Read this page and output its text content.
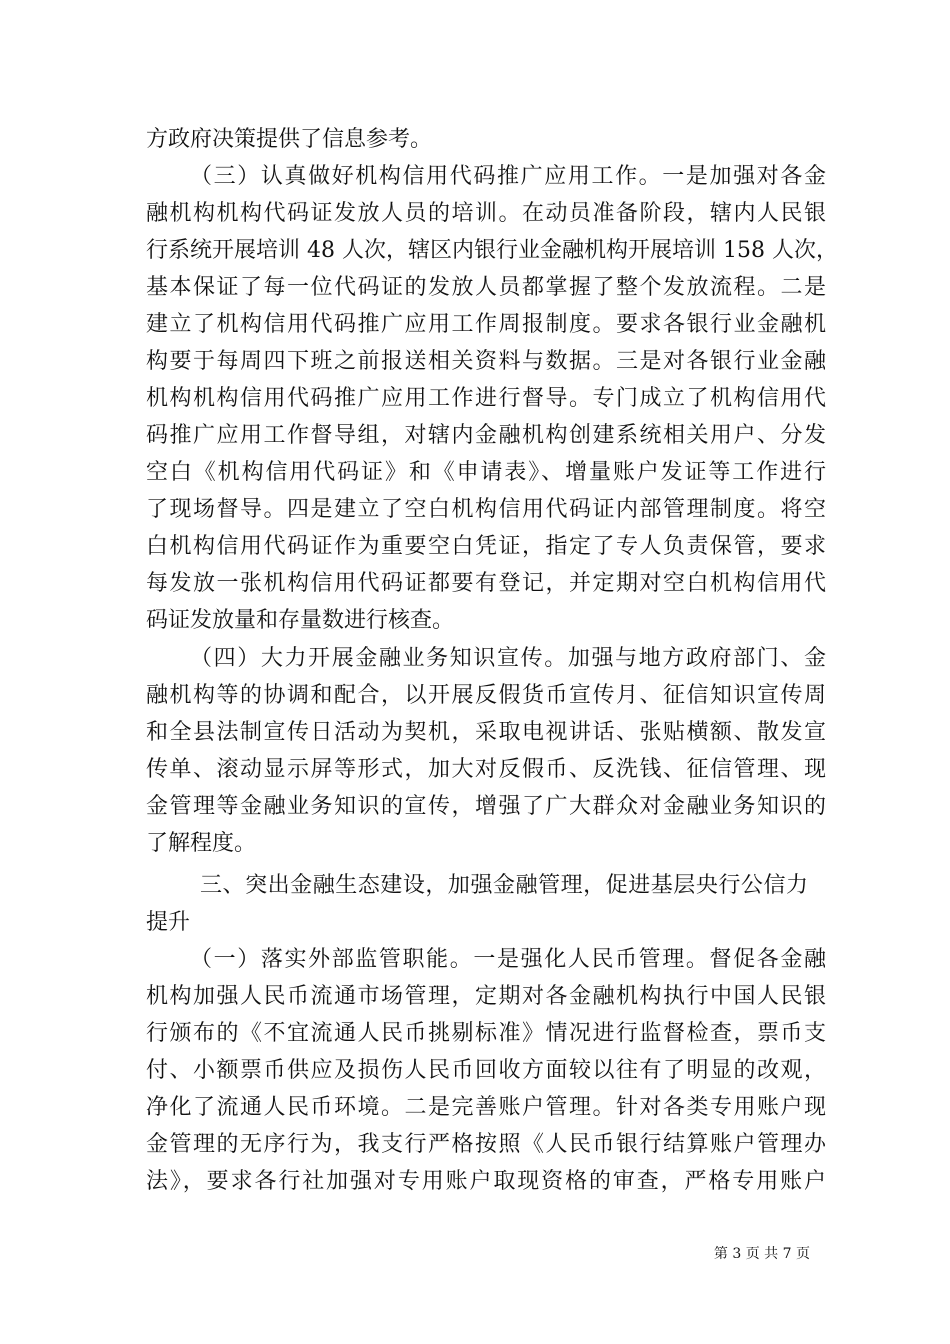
方政府决策提供了信息参考。
（三）认真做好机构信用代码推广应用工作。一是加强对各金
融机构机构代码证发放人员的培训。在动员准备阶段，辖内人民银
行系统开展培训 48 人次，辖区内银行业金融机构开展培训 158 人次，
基本保证了每一位代码证的发放人员都掌握了整个发放流程。二是
建立了机构信用代码推广应用工作周报制度。要求各银行业金融机
构要于每周四下班之前报送相关资料与数据。三是对各银行业金融
机构机构信用代码推广应用工作进行督导。专门成立了机构信用代
码推广应用工作督导组，对辖内金融机构创建系统相关用户、分发
空白《机构信用代码证》和《申请表》、增量账户发证等工作进行
了现场督导。四是建立了空白机构信用代码证内部管理制度。将空
白机构信用代码证作为重要空白凭证，指定了专人负责保管，要求
每发放一张机构信用代码证都要有登记，并定期对空白机构信用代
码证发放量和存量数进行核查。
（四）大力开展金融业务知识宣传。加强与地方政府部门、金
融机构等的协调和配合，以开展反假货币宣传月、征信知识宣传周
和全县法制宣传日活动为契机，采取电视讲话、张贴横额、散发宣
传单、滚动显示屏等形式，加大对反假币、反洗钱、征信管理、现
金管理等金融业务知识的宣传，增强了广大群众对金融业务知识的
了解程度。
三、突出金融生态建设，加强金融管理，促进基层央行公信力
提升
（一）落实外部监管职能。一是强化人民币管理。督促各金融
机构加强人民币流通市场管理，定期对各金融机构执行中国人民银
行颁布的《不宜流通人民币挑剔标准》情况进行监督检查，票币支
付、小额票币供应及损伤人民币回收方面较以往有了明显的改观，
净化了流通人民币环境。二是完善账户管理。针对各类专用账户现
金管理的无序行为，我支行严格按照《人民币银行结算账户管理办
法》，要求各行社加强对专用账户取现资格的审查，严格专用账户
第 3 页 共 7 页
